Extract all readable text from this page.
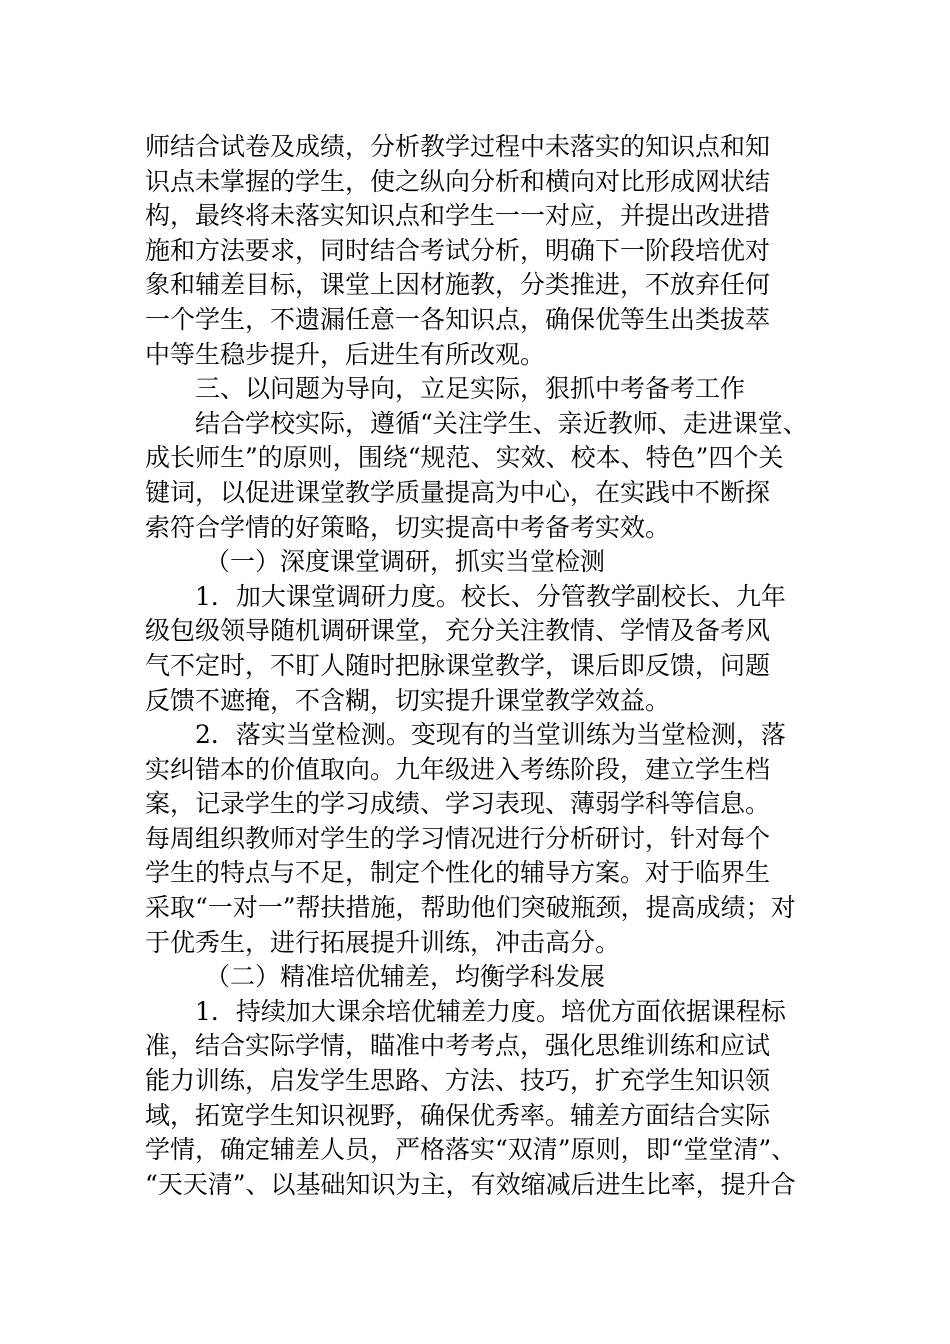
师结合试卷及成绩，分析教学过程中未落实的知识点和知
识点未掌握的学生，使之纵向分析和横向对比形成网状结
构，最终将未落实知识点和学生一一对应，并提出改进措
施和方法要求，同时结合考试分析，明确下一阶段培优对
象和辅差目标，课堂上因材施教，分类推进，不放弃任何
一个学生，不遗漏任意一各知识点，确保优等生出类拔萃
中等生稳步提升，后进生有所改观。
三、以问题为导向，立足实际，狠抓中考备考工作
结合学校实际，遵循“关注学生、亲近教师、走进课堂、
成长师生”的原则，围绕“规范、实效、校本、特色”四个关
键词，以促进课堂教学质量提高为中心，在实践中不断探
索符合学情的好策略，切实提高中考备考实效。
（一）深度课堂调研，抓实当堂检测
1．加大课堂调研力度。校长、分管教学副校长、九年
级包级领导随机调研课堂，充分关注教情、学情及备考风
气不定时，不盯人随时把脉课堂教学，课后即反馈，问题
反馈不遮掩，不含糊，切实提升课堂教学效益。
2．落实当堂检测。变现有的当堂训练为当堂检测，落
实纠错本的价值取向。九年级进入考练阶段，建立学生档
案，记录学生的学习成绩、学习表现、薄弱学科等信息。
每周组织教师对学生的学习情况进行分析研讨，针对每个
学生的特点与不足，制定个性化的辅导方案。对于临界生
采取“一对一”帮扶措施，帮助他们突破瓶颈，提高成绩；对
于优秀生，进行拓展提升训练，冲击高分。
（二）精准培优辅差，均衡学科发展
1．持续加大课余培优辅差力度。培优方面依据课程标
准，结合实际学情，瞄准中考考点，强化思维训练和应试
能力训练，启发学生思路、方法、技巧，扩充学生知识领
域，拓宽学生知识视野，确保优秀率。辅差方面结合实际
学情，确定辅差人员，严格落实“双清”原则，即“堂堂清”、
“天天清”、以基础知识为主，有效缩减后进生比率，提升合
